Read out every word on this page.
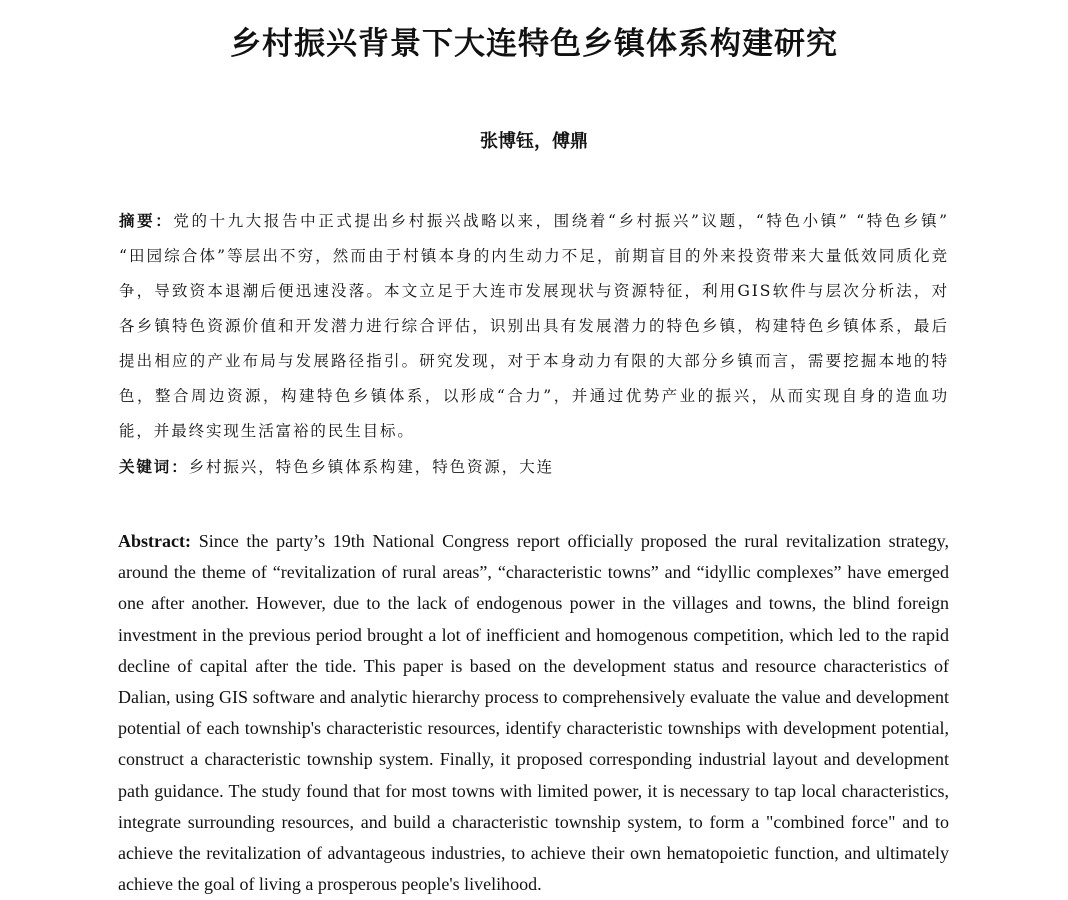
乡村振兴背景下大连特色乡镇体系构建研究
张博钰，傅鼎

摘要：党的十九大报告中正式提出乡村振兴战略以来，围绕着“乡村振兴”议题，“特色小镇” “特色乡镇” “田园综合体”等层出不穷，然而由于村镇本身的内生动力不足，前期盲目的外来投资带来大量低效同质化竞争，导致资本退潮后便迅速没落。本文立足于大连市发展现状与资源特征，利用GIS软件与层次分析法，对各乡镇特色资源价值和开发潜力进行综合评估，识别出具有发展潜力的特色乡镇，构建特色乡镇体系，最后提出相应的产业布局与发展路径指引。研究发现，对于本身动力有限的大部分乡镇而言，需要挖掘本地的特色，整合周边资源，构建特色乡镇体系，以形成“合力”，并通过优势产业的振兴，从而实现自身的造血功能，并最终实现生活富裕的民生目标。

关键词：乡村振兴，特色乡镇体系构建，特色资源，大连

Abstract: Since the party’s 19th National Congress report officially proposed the rural revitalization strategy, around the theme of “revitalization of rural areas”, “characteristic towns” and “idyllic complexes” have emerged one after another. However, due to the lack of endogenous power in the villages and towns, the blind foreign investment in the previous period brought a lot of inefficient and homogenous competition, which led to the rapid decline of capital after the tide. This paper is based on the development status and resource characteristics of Dalian, using GIS software and analytic hierarchy process to comprehensively evaluate the value and development potential of each township's characteristic resources, identify characteristic townships with development potential, construct a characteristic township system. Finally, it proposed corresponding industrial layout and development path guidance. The study found that for most towns with limited power, it is necessary to tap local characteristics, integrate surrounding resources, and build a characteristic township system, to form a "combined force" and to achieve the revitalization of advantageous industries, to achieve their own hematopoietic function, and ultimately achieve the goal of living a prosperous people's livelihood.
